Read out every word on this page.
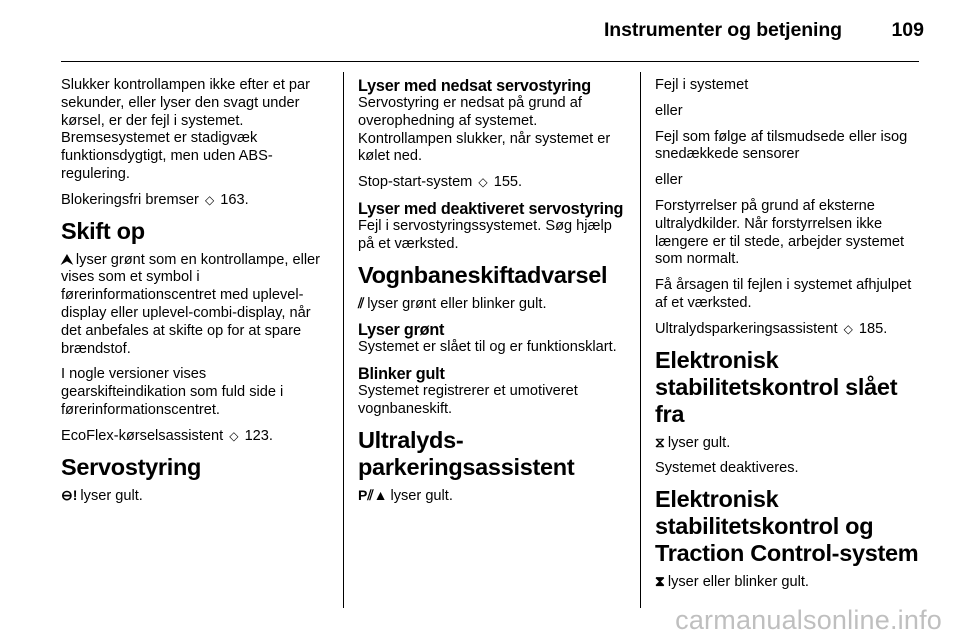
Instrumenter og betjening	109

Slukker kontrollampen ikke efter et par sekunder, eller lyser den svagt under kørsel, er der fejl i systemet. Bremsesystemet er stadigvæk funktionsdygtigt, men uden ABS-regulering.

Blokeringsfri bremser ◇ 163.

Skift op

⮝ lyser grønt som en kontrollampe, eller vises som et symbol i førerinformationscentret med uplevel-display eller uplevel-combi-display, når det anbefales at skifte op for at spare brændstof.

I nogle versioner vises gearskifteindikation som fuld side i førerinformationscentret.

EcoFlex-kørselsassistent ◇ 123.

Servostyring

⊖! lyser gult.

Lyser med nedsat servostyring

Servostyring er nedsat på grund af overophedning af systemet. Kontrollampen slukker, når systemet er kølet ned.

Stop-start-system ◇ 155.

Lyser med deaktiveret servostyring

Fejl i servostyringssystemet. Søg hjælp på et værksted.

Vognbaneskiftadvarsel

⫽ lyser grønt eller blinker gult.

Lyser grønt

Systemet er slået til og er funktionsklart.

Blinker gult

Systemet registrerer et umotiveret vognbaneskift.

Ultralyds-parkeringsassistent

P⫽▲ lyser gult.

Fejl i systemet

eller

Fejl som følge af tilsmudsede eller isog snedækkede sensorer

eller

Forstyrrelser på grund af eksterne ultralydkilder. Når forstyrrelsen ikke længere er til stede, arbejder systemet som normalt.

Få årsagen til fejlen i systemet afhjulpet af et værksted.

Ultralydsparkeringsassistent ◇ 185.

Elektronisk stabilitetskontrol slået fra

⧖ lyser gult.

Systemet deaktiveres.

Elektronisk stabilitetskontrol og Traction Control-system

⧗ lyser eller blinker gult.

carmanualsonline.info
